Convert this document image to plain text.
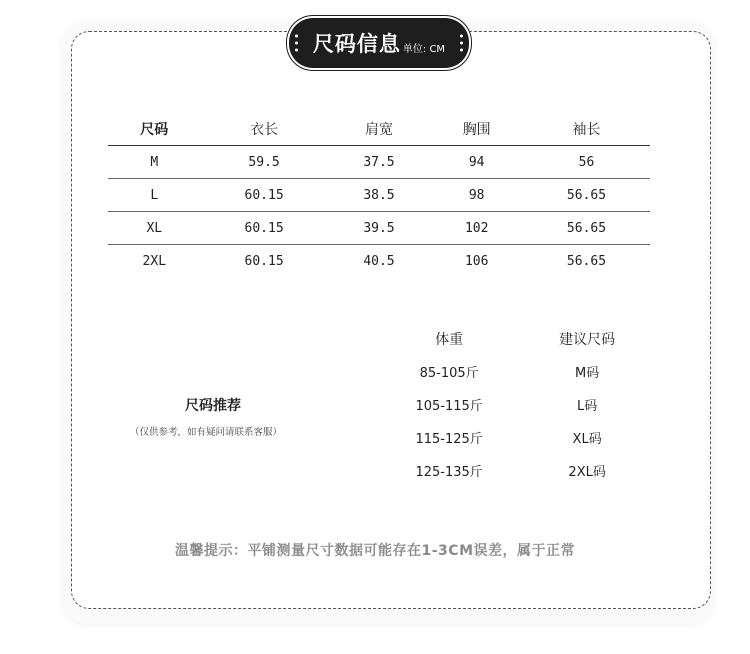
尺码信息 单位: CM
尺码	衣长	肩宽	胸围	袖长
M	59.5	37.5	94	56
L	60.15	38.5	98	56.65
XL	60.15	39.5	102	56.65
2XL	60.15	40.5	106	56.65
尺码推荐
（仅供参考，如有疑问请联系客服）
体重	建议尺码
85-105斤	M码
105-115斤	L码
115-125斤	XL码
125-135斤	2XL码
温馨提示：平铺测量尺寸数据可能存在1-3CM误差，属于正常
